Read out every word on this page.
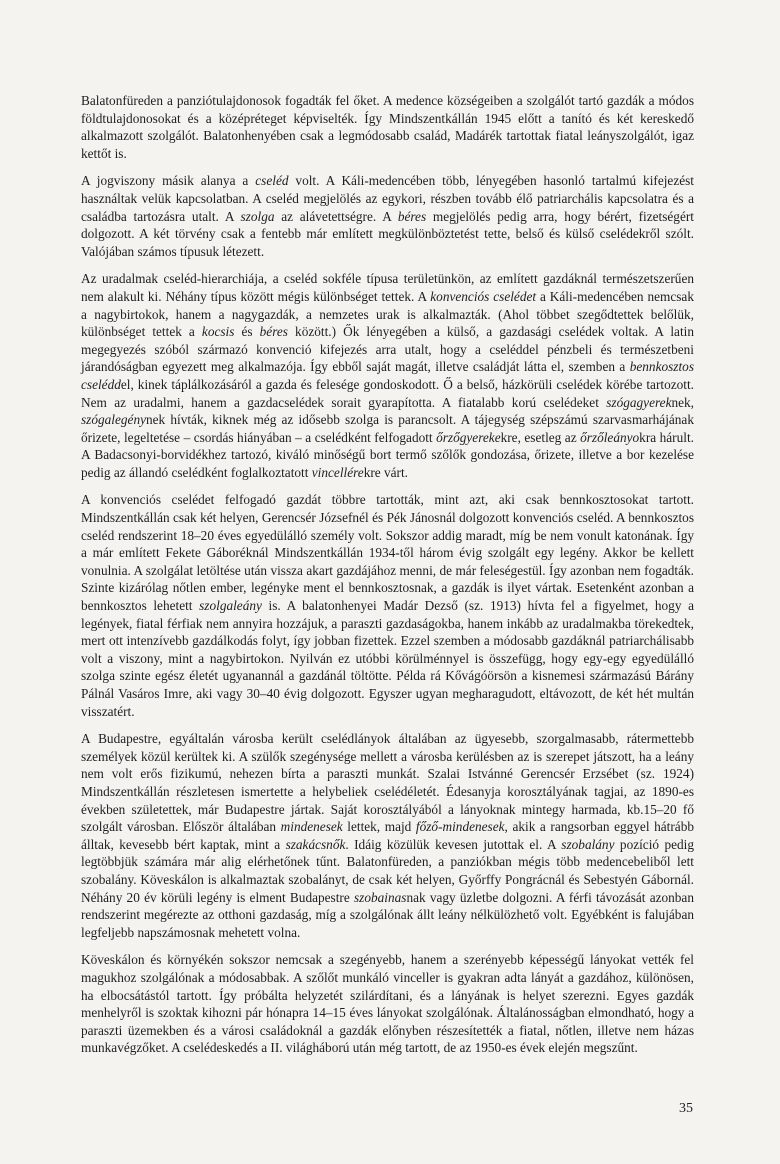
Balatonfüreden a panziótulajdonosok fogadták fel őket. A medence községeiben a szolgálót tartó gazdák a módos földtulajdonosokat és a középréteget képviselték. Így Mindszentkállán 1945 előtt a tanító és két kereskedő alkalmazott szolgálót. Balatonhenyében csak a legmódosabb család, Madárék tartottak fiatal leányszolgálót, igaz kettőt is.

A jogviszony másik alanya a cseléd volt. A Káli-medencében több, lényegében hasonló tartalmú kifejezést használtak velük kapcsolatban. A cseléd megjelölés az egykori, részben tovább élő patriarchális kapcsolatra és a családba tartozásra utalt. A szolga az alávetettségre. A béres megjelölés pedig arra, hogy bérért, fizetségért dolgozott. A két törvény csak a fentebb már említett megkülönböztetést tette, belső és külső cselédekről szólt. Valójában számos típusuk létezett.

Az uradalmak cseléd-hierarchiája, a cseléd sokféle típusa területünkön, az említett gazdáknál természetszerűen nem alakult ki. Néhány típus között mégis különbséget tettek. A konvenciós cselédet a Káli-medencében nemcsak a nagybirtokok, hanem a nagygazdák, a nemzetes urak is alkalmazták. (Ahol többet szegődtettek belőlük, különbséget tettek a kocsis és béres között.) Ők lényegében a külső, a gazdasági cselédek voltak. A latin megegyezés szóból származó konvenció kifejezés arra utalt, hogy a cseléddel pénzbeli és természetbeni járandóságban egyezett meg alkalmazója. Így ebből saját magát, illetve családját látta el, szemben a bennkosztos cseléddel, kinek táplálkozásáról a gazda és felesége gondoskodott. Ő a belső, házkörüli cselédek körébe tartozott. Nem az uradalmi, hanem a gazdacselédek sorait gyarapította. A fiatalabb korú cselédeket szógagyereknek, szógalegénynek hívták, kiknek még az idősebb szolga is parancsolt. A tájegység szépszámú szarvasmarhájának őrizete, legeltetése – csordás hiányában – a cselédként felfogadott őrzőgyerekekre, esetleg az őrzőleányokra hárult. A Badacsonyi-borvidékhez tartozó, kiváló minőségű bort termő szőlők gondozása, őrizete, illetve a bor kezelése pedig az állandó cselédként foglalkoztatott vincellérekre várt.

A konvenciós cselédet felfogadó gazdát többre tartották, mint azt, aki csak bennkosztosokat tartott. Mindszentkállán csak két helyen, Gerencsér Józsefnél és Pék Jánosnál dolgozott konvenciós cseléd. A bennkosztos cseléd rendszerint 18–20 éves egyedülálló személy volt. Sokszor addig maradt, míg be nem vonult katonának. Így a már említett Fekete Gáboréknál Mindszentkállán 1934-től három évig szolgált egy legény. Akkor be kellett vonulnia. A szolgálat letöltése után vissza akart gazdájához menni, de már feleségestül. Így azonban nem fogadták. Szinte kizárólag nőtlen ember, legényke ment el bennkosztosnak, a gazdák is ilyet vártak. Esetenként azonban a bennkosztos lehetett szolgaleány is. A balatonhenyei Madár Dezső (sz. 1913) hívta fel a figyelmet, hogy a legények, fiatal férfiak nem annyira hozzájuk, a paraszti gazdaságokba, hanem inkább az uradalmakba törekedtek, mert ott intenzívebb gazdálkodás folyt, így jobban fizettek. Ezzel szemben a módosabb gazdáknál patriarchálisabb volt a viszony, mint a nagybirtokon. Nyilván ez utóbbi körülménnyel is összefügg, hogy egy-egy egyedülálló szolga szinte egész életét ugyanannál a gazdánál töltötte. Példa rá Kővágóörsön a kisnemesi származású Bárány Pálnál Vasáros Imre, aki vagy 30–40 évig dolgozott. Egyszer ugyan megharagudott, eltávozott, de két hét multán visszatért.

A Budapestre, egyáltalán városba került cselédlányok általában az ügyesebb, szorgalmasabb, rátermettebb személyek közül kerültek ki. A szülők szegénysége mellett a városba kerülésben az is szerepet játszott, ha a leány nem volt erős fizikumú, nehezen bírta a paraszti munkát. Szalai Istvánné Gerencsér Erzsébet (sz. 1924) Mindszentkállán részletesen ismertette a helybeliek cselédéletét. Édesanyja korosztályának tagjai, az 1890-es években születettek, már Budapestre jártak. Saját korosztályából a lányoknak mintegy harmada, kb.15–20 fő szolgált városban. Először általában mindenesek lettek, majd főző-mindenesek, akik a rangsorban eggyel hátrább álltak, kevesebb bért kaptak, mint a szakácsnők. Idáig közülük kevesen jutottak el. A szobalány pozíció pedig legtöbbjük számára már alig elérhetőnek tűnt. Balatonfüreden, a panziókban mégis több medencebeliből lett szobalány. Köveskálon is alkalmaztak szobalányt, de csak két helyen, Győrffy Pongrácnál és Sebestyén Gábornál. Néhány 20 év körüli legény is elment Budapestre szobainasnak vagy üzletbe dolgozni. A férfi távozását azonban rendszerint megérezte az otthoni gazdaság, míg a szolgálónak állt leány nélkülözhető volt. Egyébként is falujában legfeljebb napszámosnak mehetett volna.

Köveskálon és környékén sokszor nemcsak a szegényebb, hanem a szerényebb képességű lányokat vették fel magukhoz szolgálónak a módosabbak. A szőlőt munkáló vinceller is gyakran adta lányát a gazdához, különösen, ha elbocsátástól tartott. Így próbálta helyzetét szilárdítani, és a lányának is helyet szerezni. Egyes gazdák menhelyről is szoktak kihozni pár hónapra 14–15 éves lányokat szolgálónak. Általánosságban elmondható, hogy a paraszti üzemekben és a városi családoknál a gazdák előnyben részesítették a fiatal, nőtlen, illetve nem házas munkavégzőket. A cselédeskedés a II. világháború után még tartott, de az 1950-es évek elején megszűnt.

35
